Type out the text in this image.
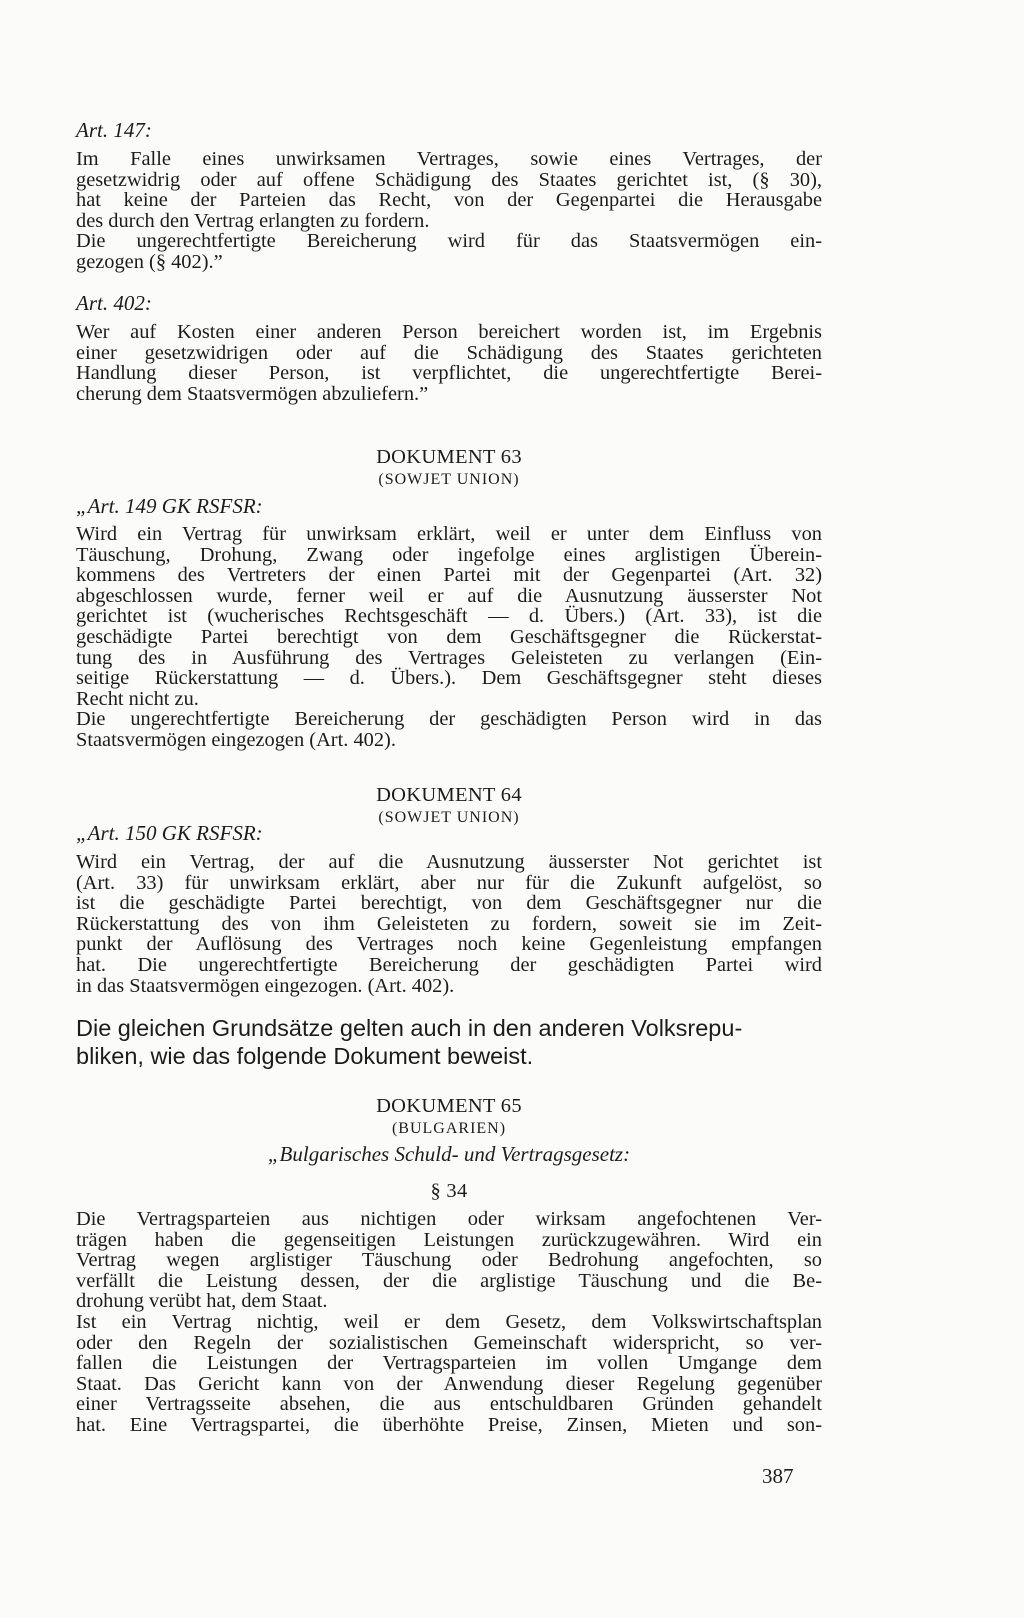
Art. 147:

Im Falle eines unwirksamen Vertrages, sowie eines Vertrages, der
gesetzwidrig oder auf offene Schädigung des Staates gerichtet ist, (§ 30),
hat keine der Parteien das Recht, von der Gegenpartei die Herausgabe
des durch den Vertrag erlangten zu fordern.
Die ungerechtfertigte Bereicherung wird für das Staatsvermögen ein-
gezogen (§ 402).”

Art. 402:

Wer auf Kosten einer anderen Person bereichert worden ist, im Ergebnis
einer gesetzwidrigen oder auf die Schädigung des Staates gerichteten
Handlung dieser Person, ist verpflichtet, die ungerechtfertigte Berei-
cherung dem Staatsvermögen abzuliefern.”

DOKUMENT 63

(SOWJET UNION)

„Art. 149 GK RSFSR:

Wird ein Vertrag für unwirksam erklärt, weil er unter dem Einfluss von
Täuschung, Drohung, Zwang oder ingefolge eines arglistigen Überein-
kommens des Vertreters der einen Partei mit der Gegenpartei (Art. 32)
abgeschlossen wurde, ferner weil er auf die Ausnutzung äusserster Not
gerichtet ist (wucherisches Rechtsgeschäft — d. Übers.) (Art. 33), ist die
geschädigte Partei berechtigt von dem Geschäftsgegner die Rückerstat-
tung des in Ausführung des Vertrages Geleisteten zu verlangen (Ein-
seitige Rückerstattung — d. Übers.). Dem Geschäftsgegner steht dieses
Recht nicht zu.
Die ungerechtfertigte Bereicherung der geschädigten Person wird in das
Staatsvermögen eingezogen (Art. 402).

DOKUMENT 64

(SOWJET UNION)

„Art. 150 GK RSFSR:

Wird ein Vertrag, der auf die Ausnutzung äusserster Not gerichtet ist
(Art. 33) für unwirksam erklärt, aber nur für die Zukunft aufgelöst, so
ist die geschädigte Partei berechtigt, von dem Geschäftsgegner nur die
Rückerstattung des von ihm Geleisteten zu fordern, soweit sie im Zeit-
punkt der Auflösung des Vertrages noch keine Gegenleistung empfangen
hat. Die ungerechtfertigte Bereicherung der geschädigten Partei wird
in das Staatsvermögen eingezogen. (Art. 402).
Die gleichen Grundsätze gelten auch in den anderen Volksrepu-
bliken, wie das folgende Dokument beweist.

DOKUMENT 65

(BULGARIEN)

„Bulgarisches Schuld- und Vertragsgesetz:

§ 34

Die Vertragsparteien aus nichtigen oder wirksam angefochtenen Ver-
trägen haben die gegenseitigen Leistungen zurückzugewähren. Wird ein
Vertrag wegen arglistiger Täuschung oder Bedrohung angefochten, so
verfällt die Leistung dessen, der die arglistige Täuschung und die Be-
drohung verübt hat, dem Staat.
Ist ein Vertrag nichtig, weil er dem Gesetz, dem Volkswirtschaftsplan
oder den Regeln der sozialistischen Gemeinschaft widerspricht, so ver-
fallen die Leistungen der Vertragsparteien im vollen Umgange dem
Staat. Das Gericht kann von der Anwendung dieser Regelung gegenüber
einer Vertragsseite absehen, die aus entschuldbaren Gründen gehandelt
hat. Eine Vertragspartei, die überhöhte Preise, Zinsen, Mieten und son-
387
